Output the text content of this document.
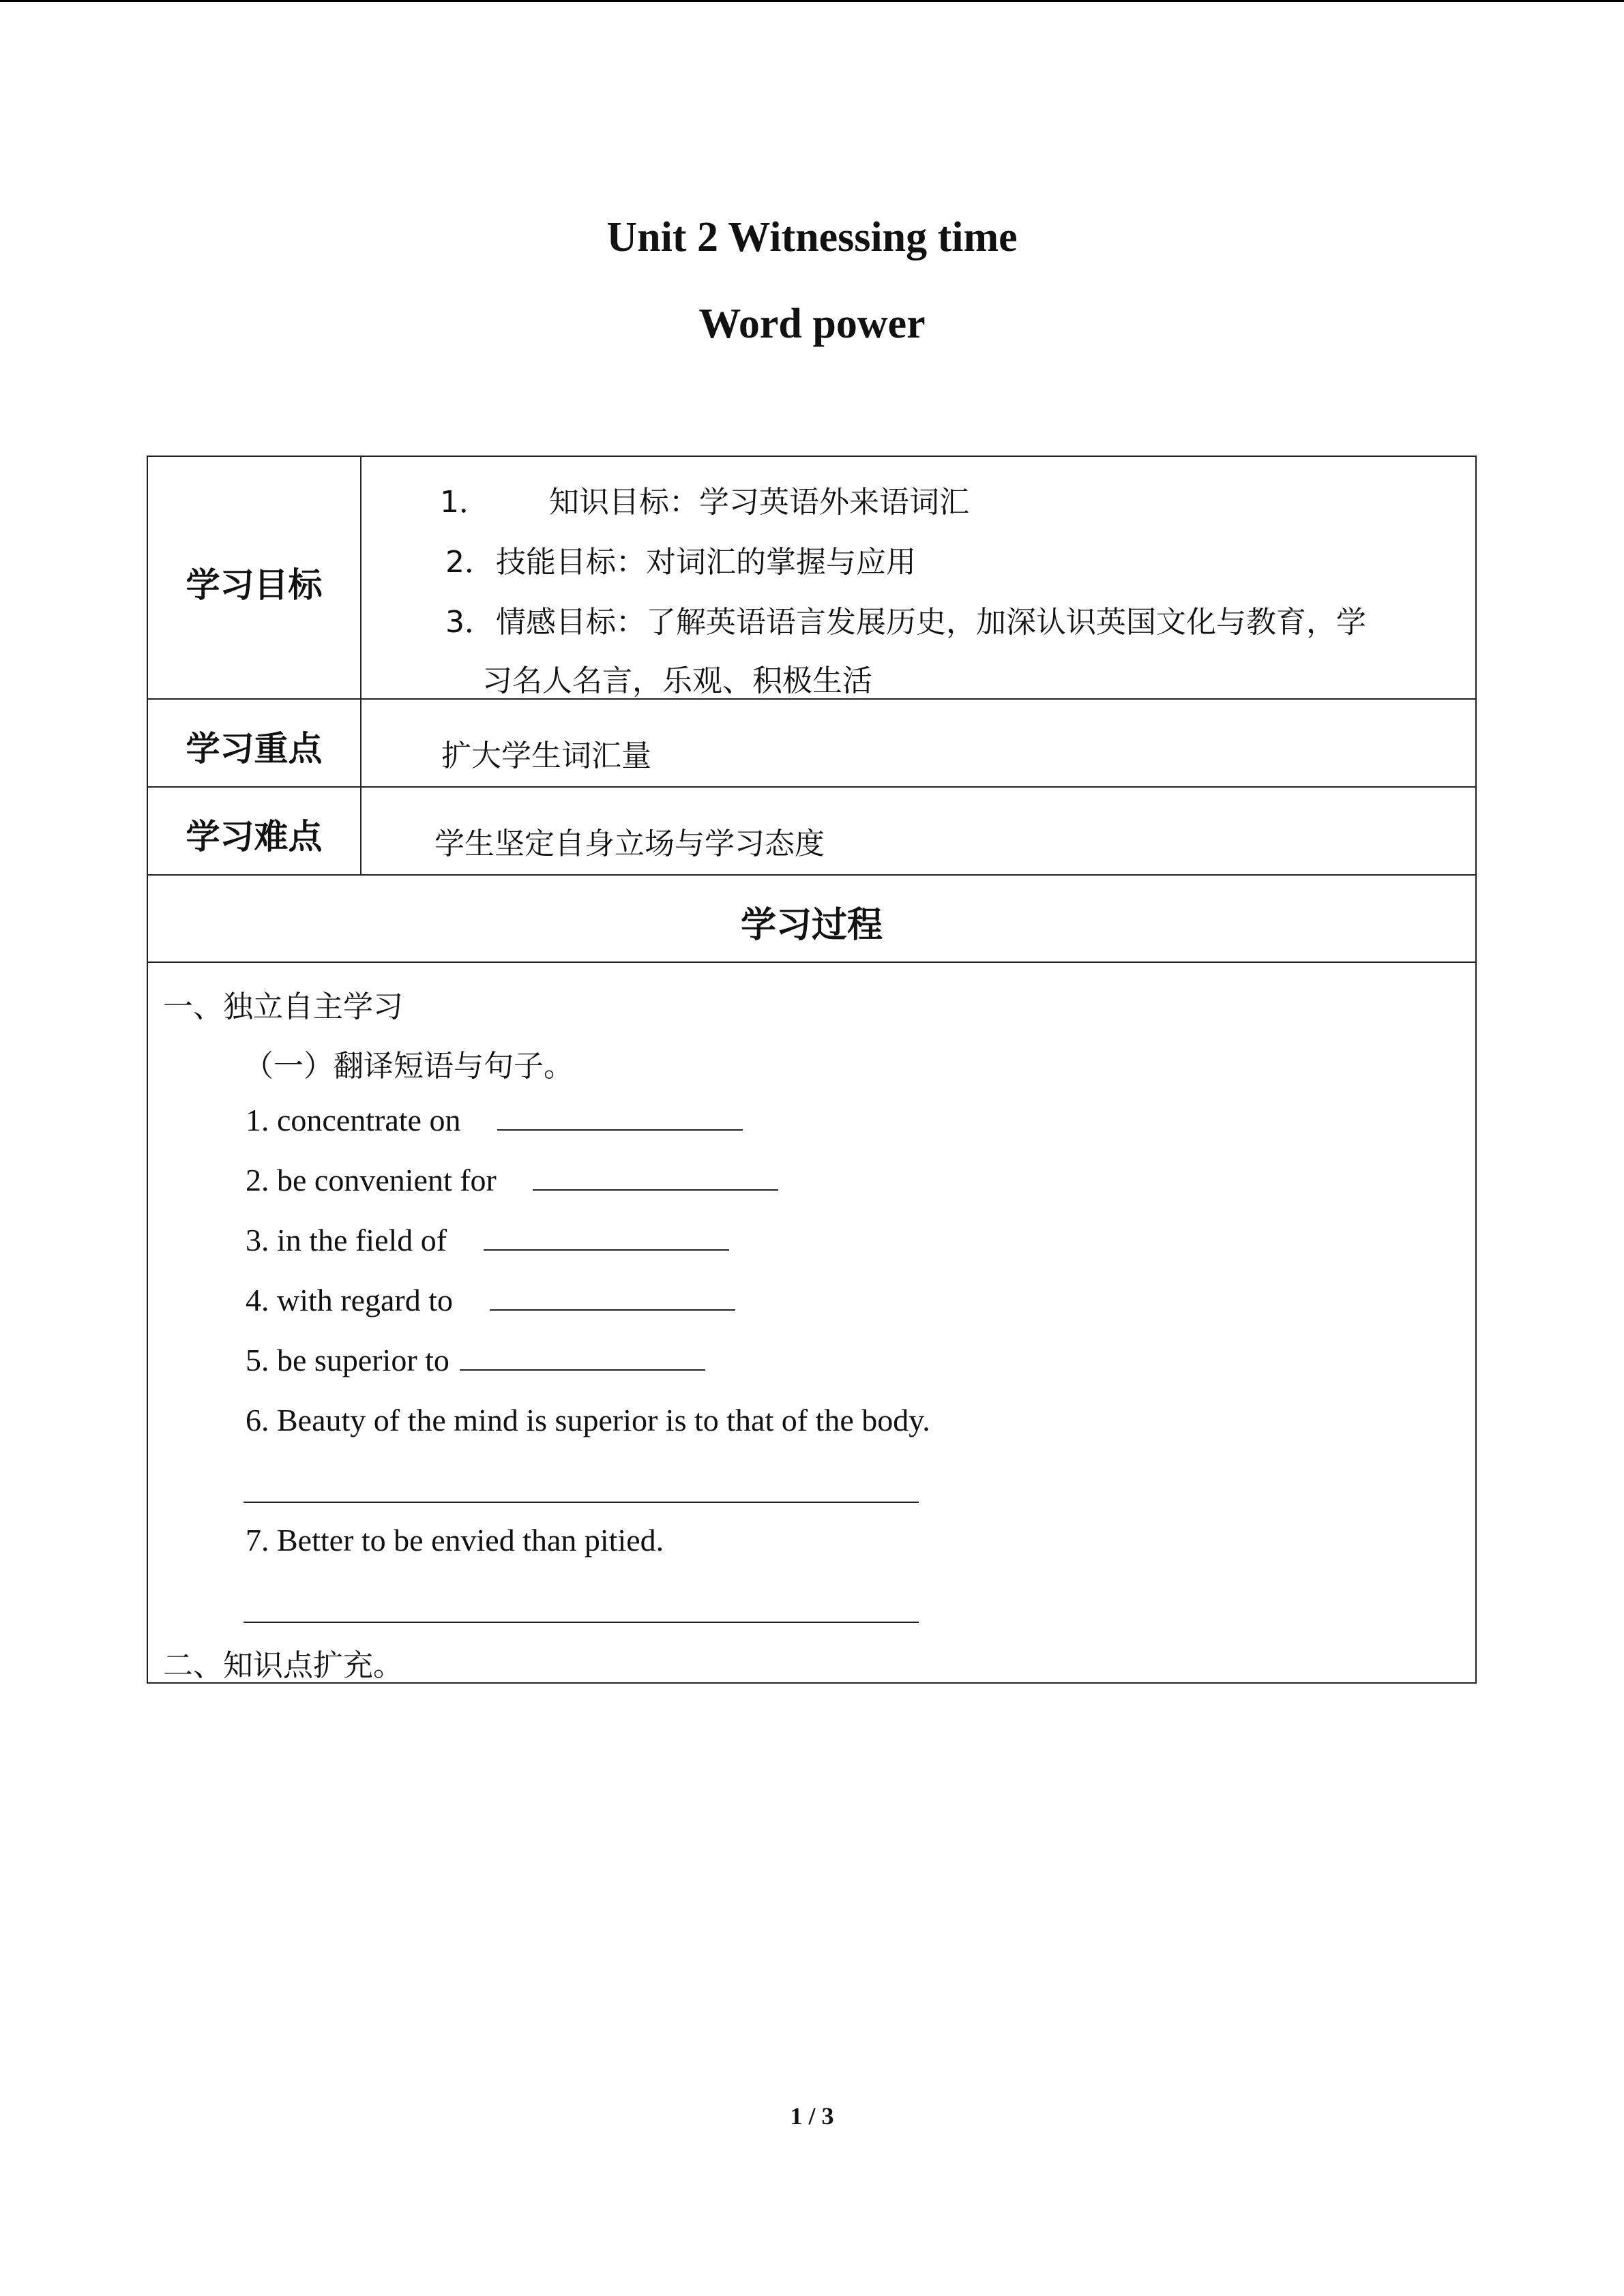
Unit 2 Witnessing time
Word power
学习目标
1． 知识目标：学习英语外来语词汇
2． 技能目标：对词汇的掌握与应用
3． 情感目标：了解英语语言发展历史，加深认识英国文化与教育，学
习名人名言，乐观、积极生活
学习重点	扩大学生词汇量
学习难点	学生坚定自身立场与学习态度
学习过程
一、独立自主学习
（一）翻译短语与句子。
1. concentrate on
2. be convenient for
3. in the field of
4. with regard to
5. be superior to
6. Beauty of the mind is superior is to that of the body.
7. Better to be envied than pitied.
二、知识点扩充。
1 / 3
